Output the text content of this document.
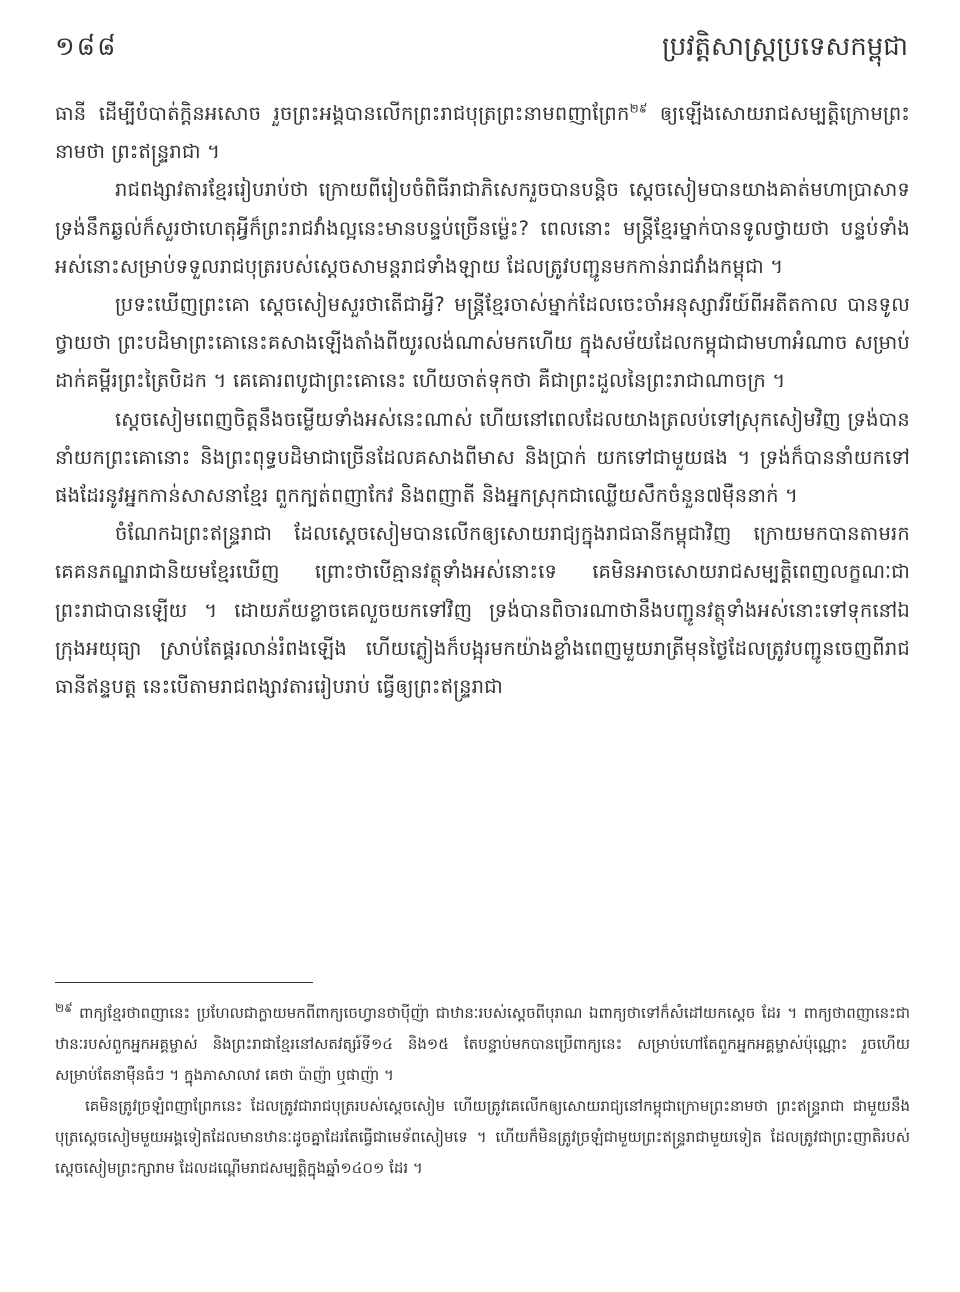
១៨៨	ប្រវត្តិសាស្ត្រប្រទេសកម្ពុជា

ធានី ដើម្បីបំបាត់ក្តិនអសោច រួចព្រះអង្គបានលើកព្រះរាជបុត្រព្រះនាមពញាព្រែក$^{២៩}$ ឲ្យឡើងសោយរាជសម្បត្តិក្រោមព្រះនាមថា ព្រះឥន្ទ្ររាជា ។

រាជពង្សាវតារខ្មែររៀបរាប់ថា ក្រោយពីរៀបចំពិធីរាជាភិសេករួចបានបន្តិច ស្តេចសៀមបានយាងគាត់មហាប្រាសាទ ទ្រង់នឹកឆ្ងល់ក៏សួរថាហេតុអ្វីក៏ព្រះរាជវាំងល្អនេះមានបន្ទប់ច្រើនម្ល៉េះ? ពេលនោះ មន្ត្រីខ្មែរម្នាក់បានទូលថ្វាយថា បន្ទប់ទាំងអស់នោះសម្រាប់ទទួលរាជបុត្ររបស់ស្តេចសាមន្តរាជទាំងឡាយ ដែលត្រូវបញ្ជូនមកកាន់រាជវាំងកម្ពុជា ។

ប្រទះឃើញព្រះគោ ស្តេចសៀមសួរថាតើជាអ្វី? មន្ត្រីខ្មែរចាស់ម្នាក់ដែលចេះចាំអនុស្សាវរីយ៍ពីអតីតកាល បានទូលថ្វាយថា ព្រះបដិមាព្រះគោនេះគសាងឡើងតាំងពីយូរលង់ណាស់មកហើយ ក្នុងសម័យដែលកម្ពុជាជាមហាអំណាច សម្រាប់ដាក់គម្ពីរព្រះត្រៃបិដក ។ គេគោរពបូជាព្រះគោនេះ ហើយចាត់ទុកថា គឺជាព្រះដួលនៃព្រះរាជាណាចក្រ ។

ស្តេចសៀមពេញចិត្តនឹងចម្លើយទាំងអស់នេះណាស់ ហើយនៅពេលដែលយាងត្រលប់ទៅស្រុកសៀមវិញ ទ្រង់បាននាំយកព្រះគោនោះ និងព្រះពុទ្ធបដិមាជាច្រើនដែលគសាងពីមាស និងប្រាក់ យកទៅជាមួយផង ។ ទ្រង់ក៏បាននាំយកទៅផងដែរនូវអ្នកកាន់សាសនាខ្មែរ ពួកក្បត់ពញាកែវ និងពញាតី និងអ្នកស្រុកជាឈ្លើយសឹកចំនួន៧ម៉ឺននាក់ ។

ចំណែកឯព្រះឥន្ទ្ររាជា ដែលស្តេចសៀមបានលើកឲ្យសោយរាជ្យក្នុងរាជធានីកម្ពុជាវិញ ក្រោយមកបានតាមរកគេគនភណ្ឌរាជានិយមខ្មែរឃើញ ព្រោះថាបើគ្មានវត្ថុទាំងអស់នោះទេ គេមិនអាចសោយរាជសម្បត្តិពេញលក្ខណៈជាព្រះរាជាបានឡើយ ។ ដោយភ័យខ្លាចគេលួចយកទៅវិញ ទ្រង់បានពិចារណាថានឹងបញ្ជូនវត្ថុទាំងអស់នោះទៅទុកនៅឯក្រុងអយុធ្យា ស្រាប់តែផ្គរលាន់រំពងឡើង ហើយភ្លៀងក៏បង្អុរមកយ៉ាងខ្លាំងពេញមួយរាត្រីមុនថ្ងៃដែលត្រូវបញ្ជូនចេញពីរាជធានីឥន្ទបត្ត នេះបើតាមរាជពង្សាវតាររៀបរាប់ ធ្វើឲ្យព្រះឥន្ទ្ររាជា

$^{២៩}$ ពាក្យខ្មែរថាពញានេះ ប្រហែលជាក្លាយមកពីពាក្យចេហ្វានថាប៉ីញ៉ា ជាឋានៈរបស់ស្តេចពីបុរាណ ឯពាក្យថាទៅក៏សំដៅយកស្តេច ដែរ ។ ពាក្យថាពញានេះជាឋានៈរបស់ពួកអ្នកអគ្គម្ចាស់ និងព្រះរាជាខ្មែរនៅសតវត្សរ៍ទី១៤ និង១៥ តែបន្ទាប់មកបានប្រើពាក្យនេះ សម្រាប់ហៅតែពួកអ្នកអគ្គម្ចាស់ប៉ុណ្ណោះ រួចហើយសម្រាប់តែនាម៉ឺនធំៗ ។ ក្នុងភាសាលាវ គេថា ប៉ាញ៉ា ឬផាញ៉ា ។

គេមិនត្រូវច្រឡំពញាព្រែកនេះ ដែលត្រូវជារាជបុត្ររបស់ស្តេចសៀម ហើយត្រូវគេលើកឲ្យសោយរាជ្យនៅកម្ពុជាក្រោមព្រះនាមថា ព្រះឥន្ទ្ររាជា ជាមួយនឹងបុត្រស្តេចសៀមមួយអង្គទៀតដែលមានឋានៈដូចគ្នាដែរតែធ្វើជាមេទ័ពសៀមទេ ។ ហើយក៏មិនត្រូវច្រឡំជាមួយព្រះឥន្ទ្ររាជាមួយទៀត ដែលត្រូវជាព្រះញាតិរបស់ស្តេចសៀមព្រះក្សារាម ដែលដណ្តើមរាជសម្បត្តិក្នុងឆ្នាំ១៤០១ ដែរ ។
